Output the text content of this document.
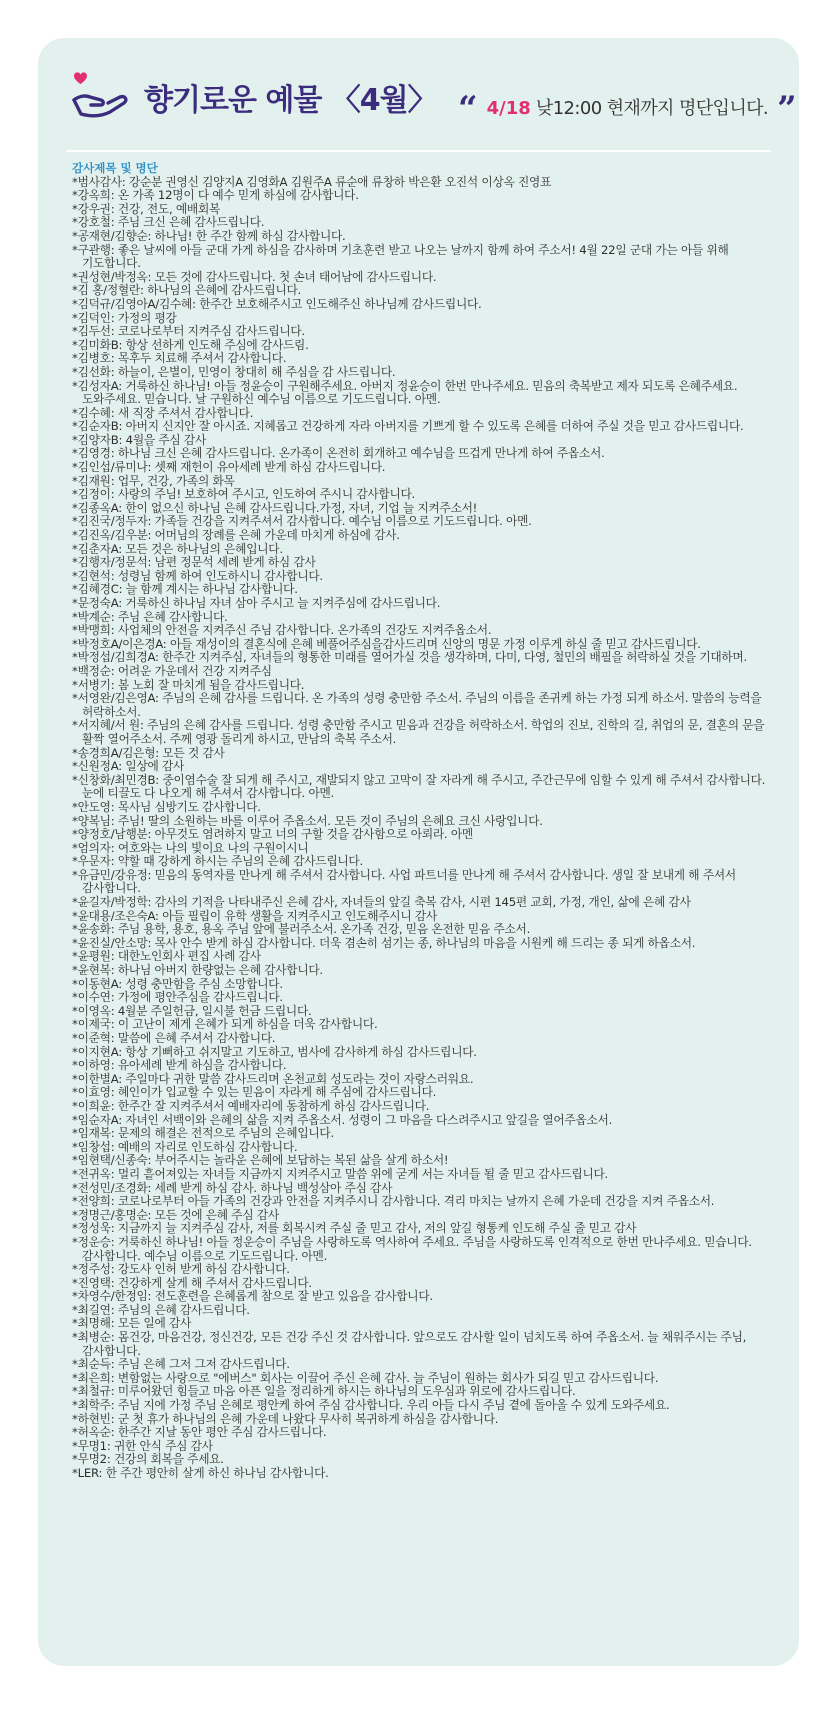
향기로운 예물 〈4월〉 “ 4/18 낮12:00 현재까지 명단입니다. ”
감사제목 및 명단
*범사감사: 강순분 권영신 김양지A 김영화A 김원주A 류순애 류창하 박은환 오진석 이상옥 진영표
*강옥희: 온 가족 12명이 다 예수 믿게 하심에 감사합니다.
*강우권: 건강, 전도, 예배회복
*강호철: 주님 크신 은혜 감사드립니다.
*공재현/김향순: 하나님! 한 주간 함께 하심 감사합니다.
*구관행: 좋은 날씨에 아들 군대 가게 하심을 감사하며 기초훈련 받고 나오는 날까지 함께 하여 주소서! 4월 22일 군대 가는 아들 위해 기도합니다.
*권성현/박정옥: 모든 것에 감사드립니다. 첫 손녀 태어남에 감사드립니다.
*김 홍/정혈란: 하나님의 은혜에 감사드립니다.
*김덕규/김영아A/김수혜: 한주간 보호해주시고 인도해주신 하나님께 감사드립니다.
*김덕인: 가정의 평강
*김두선: 코로나로부터 지켜주심 감사드립니다.
*김미화B: 항상 선하게 인도해 주심에 감사드림.
*김병호: 목후두 치료해 주셔서 감사합니다.
*김선화: 하늘이, 은별이, 민영이 창대히 해 주심을 감 사드립니다.
*김성자A: 거룩하신 하나님! 아들 정윤승이 구원해주세요. 아버지 정윤승이 한번 만나주세요. 믿음의 축복받고 제자 되도록 은혜주세요. 도와주세요. 믿습니다. 날 구원하신 예수님 이름으로 기도드립니다. 아멘.
*김수혜: 새 직장 주셔서 감사합니다.
*김순자B: 아버지 신지안 잘 아시죠. 지혜롭고 건강하게 자라 아버지를 기쁘게 할 수 있도록 은혜를 더하여 주실 것을 믿고 감사드립니다.
*김양자B: 4월을 주심 감사
*김영경: 하나님 크신 은혜 감사드립니다. 온가족이 온전히 회개하고 예수님을 뜨겁게 만나게 하여 주옵소서.
*김인섭/류미나: 셋째 재헌이 유아세례 받게 하심 감사드립니다.
*김재원: 업무, 건강, 가족의 화목
*김정이: 사랑의 주님! 보호하여 주시고, 인도하여 주시니 감사합니다.
*김종옥A: 한이 없으신 하나님 은혜 감사드립니다.가정, 자녀, 기업 늘 지켜주소서!
*김진국/정두자: 가족들 건강을 지켜주셔서 감사합니다. 예수님 이름으로 기도드립니다. 아멘.
*김진옥/김우분: 어머님의 장례를 은혜 가운데 마치게 하심에 감사.
*김춘자A: 모든 것은 하나님의 은혜입니다.
*김행자/정문석: 남편 정문석 세례 받게 하심 감사
*김현석: 성령님 함께 하여 인도하시니 감사합니다.
*김혜경C: 늘 함께 계시는 하나님 감사합니다.
*문정숙A: 거룩하신 하나님 자녀 삼아 주시고 늘 지켜주심에 감사드립니다.
*박계순: 주님 은혜 감사합니다.
*박맹희: 사업체의 안전을 지켜주신 주님 감사합니다. 온가족의 건강도 지켜주옵소서.
*박정호A/이은경A: 아들 재성이의 결혼식에 은혜 베풀어주심을감사드리며 신앙의 명문 가정 이루게 하실 줄 믿고 감사드립니다.
*박정섭/김희경A: 한주간 지켜주심, 자녀들의 형통한 미래를 열어가실 것을 생각하며, 다미, 다영, 철민의 배필을 허락하실 것을 기대하며.
*백정순: 어려운 가운데서 건강 지켜주심
*서병기: 봄 노회 잘 마치게 됨을 감사드립니다.
*서영완/김은영A: 주님의 은혜 감사를 드립니다. 온 가족의 성령 충만함 주소서. 주님의 이름을 존귀케 하는 가정 되게 하소서. 말씀의 능력을 허락하소서.
*서지혜/서 원: 주님의 은혜 감사를 드립니다. 성령 충만함 주시고 믿음과 건강을 허락하소서. 학업의 진보, 진학의 길, 취업의 문, 결혼의 문을 활짝 열어주소서. 주께 영광 돌리게 하시고, 만남의 축복 주소서.
*송경희A/김은형: 모든 것 감사
*신원정A: 일상에 감사
*신창화/최민경B: 중이염수술 잘 되게 해 주시고, 재발되지 않고 고막이 잘 자라게 해 주시고, 주간근무에 임할 수 있게 해 주셔서 감사합니다. 눈에 티끌도 다 나오게 해 주셔서 감사합니다. 아멘.
*안도영: 목사님 심방기도 감사합니다.
*양복님: 주님! 딸의 소원하는 바를 이루어 주옵소서. 모든 것이 주님의 은혜요 크신 사랑입니다.
*양정호/남행분: 아무것도 염려하지 말고 너의 구할 것을 감사함으로 아뢰라. 아멘
*엄의자: 여호와는 나의 빛이요 나의 구원이시니
*우문자: 약할 때 강하게 하시는 주님의 은혜 감사드립니다.
*유금민/강유정: 믿음의 동역자를 만나게 해 주셔서 감사합니다. 사업 파트너를 만나게 해 주셔서 감사합니다. 생일 잘 보내게 해 주셔서 감사합니다.
*윤길자/박정학: 감사의 기적을 나타내주신 은혜 감사, 자녀들의 앞길 축복 감사, 시편 145편 교회, 가정, 개인, 삶에 은혜 감사
*윤대용/조은숙A: 아들 필립이 유학 생활을 지켜주시고 인도해주시니 감사
*윤송화: 주님 용학, 용호, 용옥 주님 앞에 불러주소서. 온가족 건강, 믿음 온전한 믿음 주소서.
*윤진실/안소망: 목사 안수 받게 하심 감사합니다. 더욱 겸손히 섬기는 종, 하나님의 마음을 시원케 해 드리는 종 되게 하옵소서.
*윤평원: 대한노인회사 편집 사례 감사
*윤현복: 하나님 아버지 한량없는 은혜 감사합니다.
*이동현A: 성령 충만함을 주심 소망합니다.
*이수연: 가정에 평안주심을 감사드립니다.
*이영옥: 4월분 주일헌금, 일시불 헌금 드립니다.
*이제국: 이 고난이 제게 은혜가 되게 하심을 더욱 감사합니다.
*이준혁: 말씀에 은혜 주셔서 감사합니다.
*이지현A: 항상 기뻐하고 쉬지말고 기도하고, 범사에 감사하게 하심 감사드립니다.
*이하영: 유아세례 받게 하심을 감사합니다.
*이한별A: 주일마다 귀한 말씀 감사드리며 온천교회 성도라는 것이 자랑스러워요.
*이효영: 혜인이가 입교할 수 있는 믿음이 자라게 해 주심에 감사드립니다.
*이희윤: 한주간 잘 지켜주셔서 예배자리에 동참하게 하심 감사드립니다.
*임순자A: 자녀인 서백이와 은혜의 삶을 지켜 주옵소서. 성령이 그 마음을 다스려주시고 앞길을 열어주옵소서.
*임재복: 문제의 해결은 전적으로 주님의 은혜입니다.
*임창섭: 예배의 자리로 인도하심 감사합니다.
*임현택/신종숙: 부어주시는 놀라운 은혜에 보답하는 복된 삶을 살게 하소서!
*전귀옥: 멀리 흩어져있는 자녀들 지금까지 지켜주시고 말씀 위에 굳게 서는 자녀들 될 줄 믿고 감사드립니다.
*전성민/조경화: 세례 받게 하심 감사. 하나님 백성삼아 주심 감사
*전양희: 코로나로부터 아들 가족의 건강과 안전을 지켜주시니 감사합니다. 격리 마치는 날까지 은혜 가운데 건강을 지켜 주옵소서.
*정명근/홍명순: 모든 것에 은혜 주심 감사
*정성욱: 지금까지 늘 지켜주심 감사, 저를 회복시켜 주실 줄 믿고 감사, 저의 앞길 형통케 인도해 주실 줄 믿고 감사
*정운승: 거룩하신 하나님! 아들 정운승이 주님을 사랑하도록 역사하여 주세요. 주님을 사랑하도록 인격적으로 한번 만나주세요. 믿습니다. 감사합니다. 예수님 이름으로 기도드립니다. 아멘.
*정주성: 강도사 인허 받게 하심 감사합니다.
*진영택: 건강하게 살게 해 주셔서 감사드립니다.
*차영수/한정임: 전도훈련을 은혜롭게 참으로 잘 받고 있음을 감사합니다.
*최길연: 주님의 은혜 감사드립니다.
*최명해: 모든 일에 감사
*최병순: 몸건강, 마음건강, 정신건강, 모든 건강 주신 것 감사합니다. 앞으로도 감사할 일이 넘치도록 하여 주옵소서. 늘 채워주시는 주님, 감사합니다.
*최순득: 주님 은혜 그저 그저 감사드립니다.
*최은희: 변함없는 사랑으로 "에버스" 회사는 이끌어 주신 은혜 감사. 늘 주님이 원하는 회사가 되길 믿고 감사드립니다.
*최철규: 미루어왔던 힘들고 마음 아픈 일을 정리하게 하시는 하나님의 도우심과 위로에 감사드립니다.
*최학주: 주님 지에 가정 주님 은혜로 평안케 하여 주심 감사합니다. 우리 아들 다시 주님 곁에 돌아올 수 있게 도와주세요.
*하현빈: 군 첫 휴가 하나님의 은혜 가운데 나왔다 무사히 복귀하게 하심을 감사합니다.
*허옥순: 한주간 지날 동안 평안 주심 감사드립니다.
*무명1: 귀한 안식 주심 감사
*무명2: 건강의 회복을 주세요.
*LER: 한 주간 평안히 살게 하신 하나님 감사합니다.
